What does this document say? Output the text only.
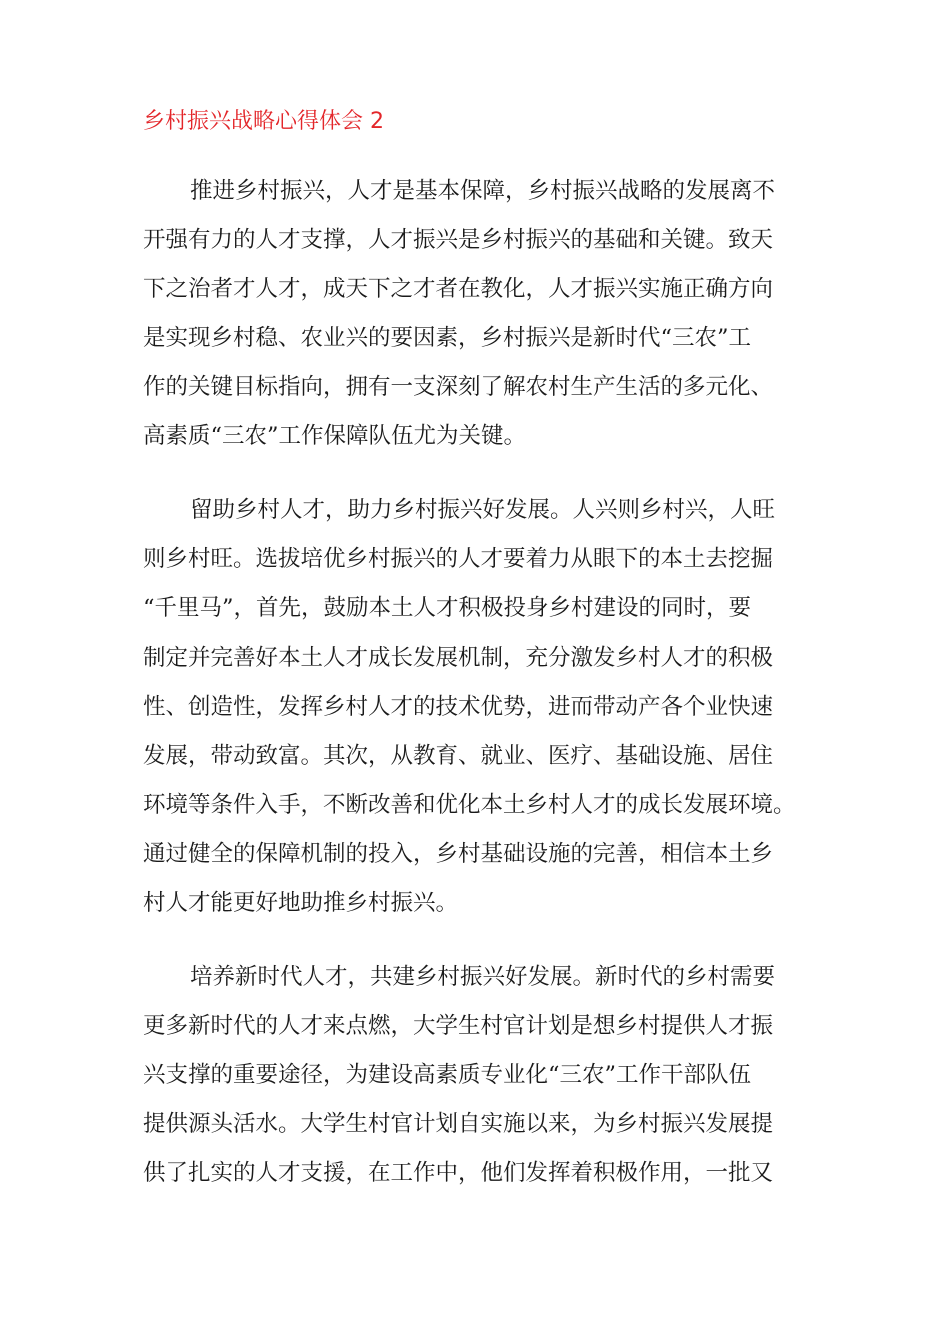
乡村振兴战略心得体会 2
推进乡村振兴，人才是基本保障，乡村振兴战略的发展离不
开强有力的人才支撑，人才振兴是乡村振兴的基础和关键。致天
下之治者才人才，成天下之才者在教化，人才振兴实施正确方向
是实现乡村稳、农业兴的要因素，乡村振兴是新时代“三农”工
作的关键目标指向，拥有一支深刻了解农村生产生活的多元化、
高素质“三农”工作保障队伍尤为关键。
留助乡村人才，助力乡村振兴好发展。人兴则乡村兴，人旺
则乡村旺。选拔培优乡村振兴的人才要着力从眼下的本土去挖掘
“千里马”，首先，鼓励本土人才积极投身乡村建设的同时，要
制定并完善好本土人才成长发展机制，充分激发乡村人才的积极
性、创造性，发挥乡村人才的技术优势，进而带动产各个业快速
发展，带动致富。其次，从教育、就业、医疗、基础设施、居住
环境等条件入手，不断改善和优化本土乡村人才的成长发展环境。
通过健全的保障机制的投入，乡村基础设施的完善，相信本土乡
村人才能更好地助推乡村振兴。
培养新时代人才，共建乡村振兴好发展。新时代的乡村需要
更多新时代的人才来点燃，大学生村官计划是想乡村提供人才振
兴支撑的重要途径，为建设高素质专业化“三农”工作干部队伍
提供源头活水。大学生村官计划自实施以来，为乡村振兴发展提
供了扎实的人才支援，在工作中，他们发挥着积极作用，一批又
